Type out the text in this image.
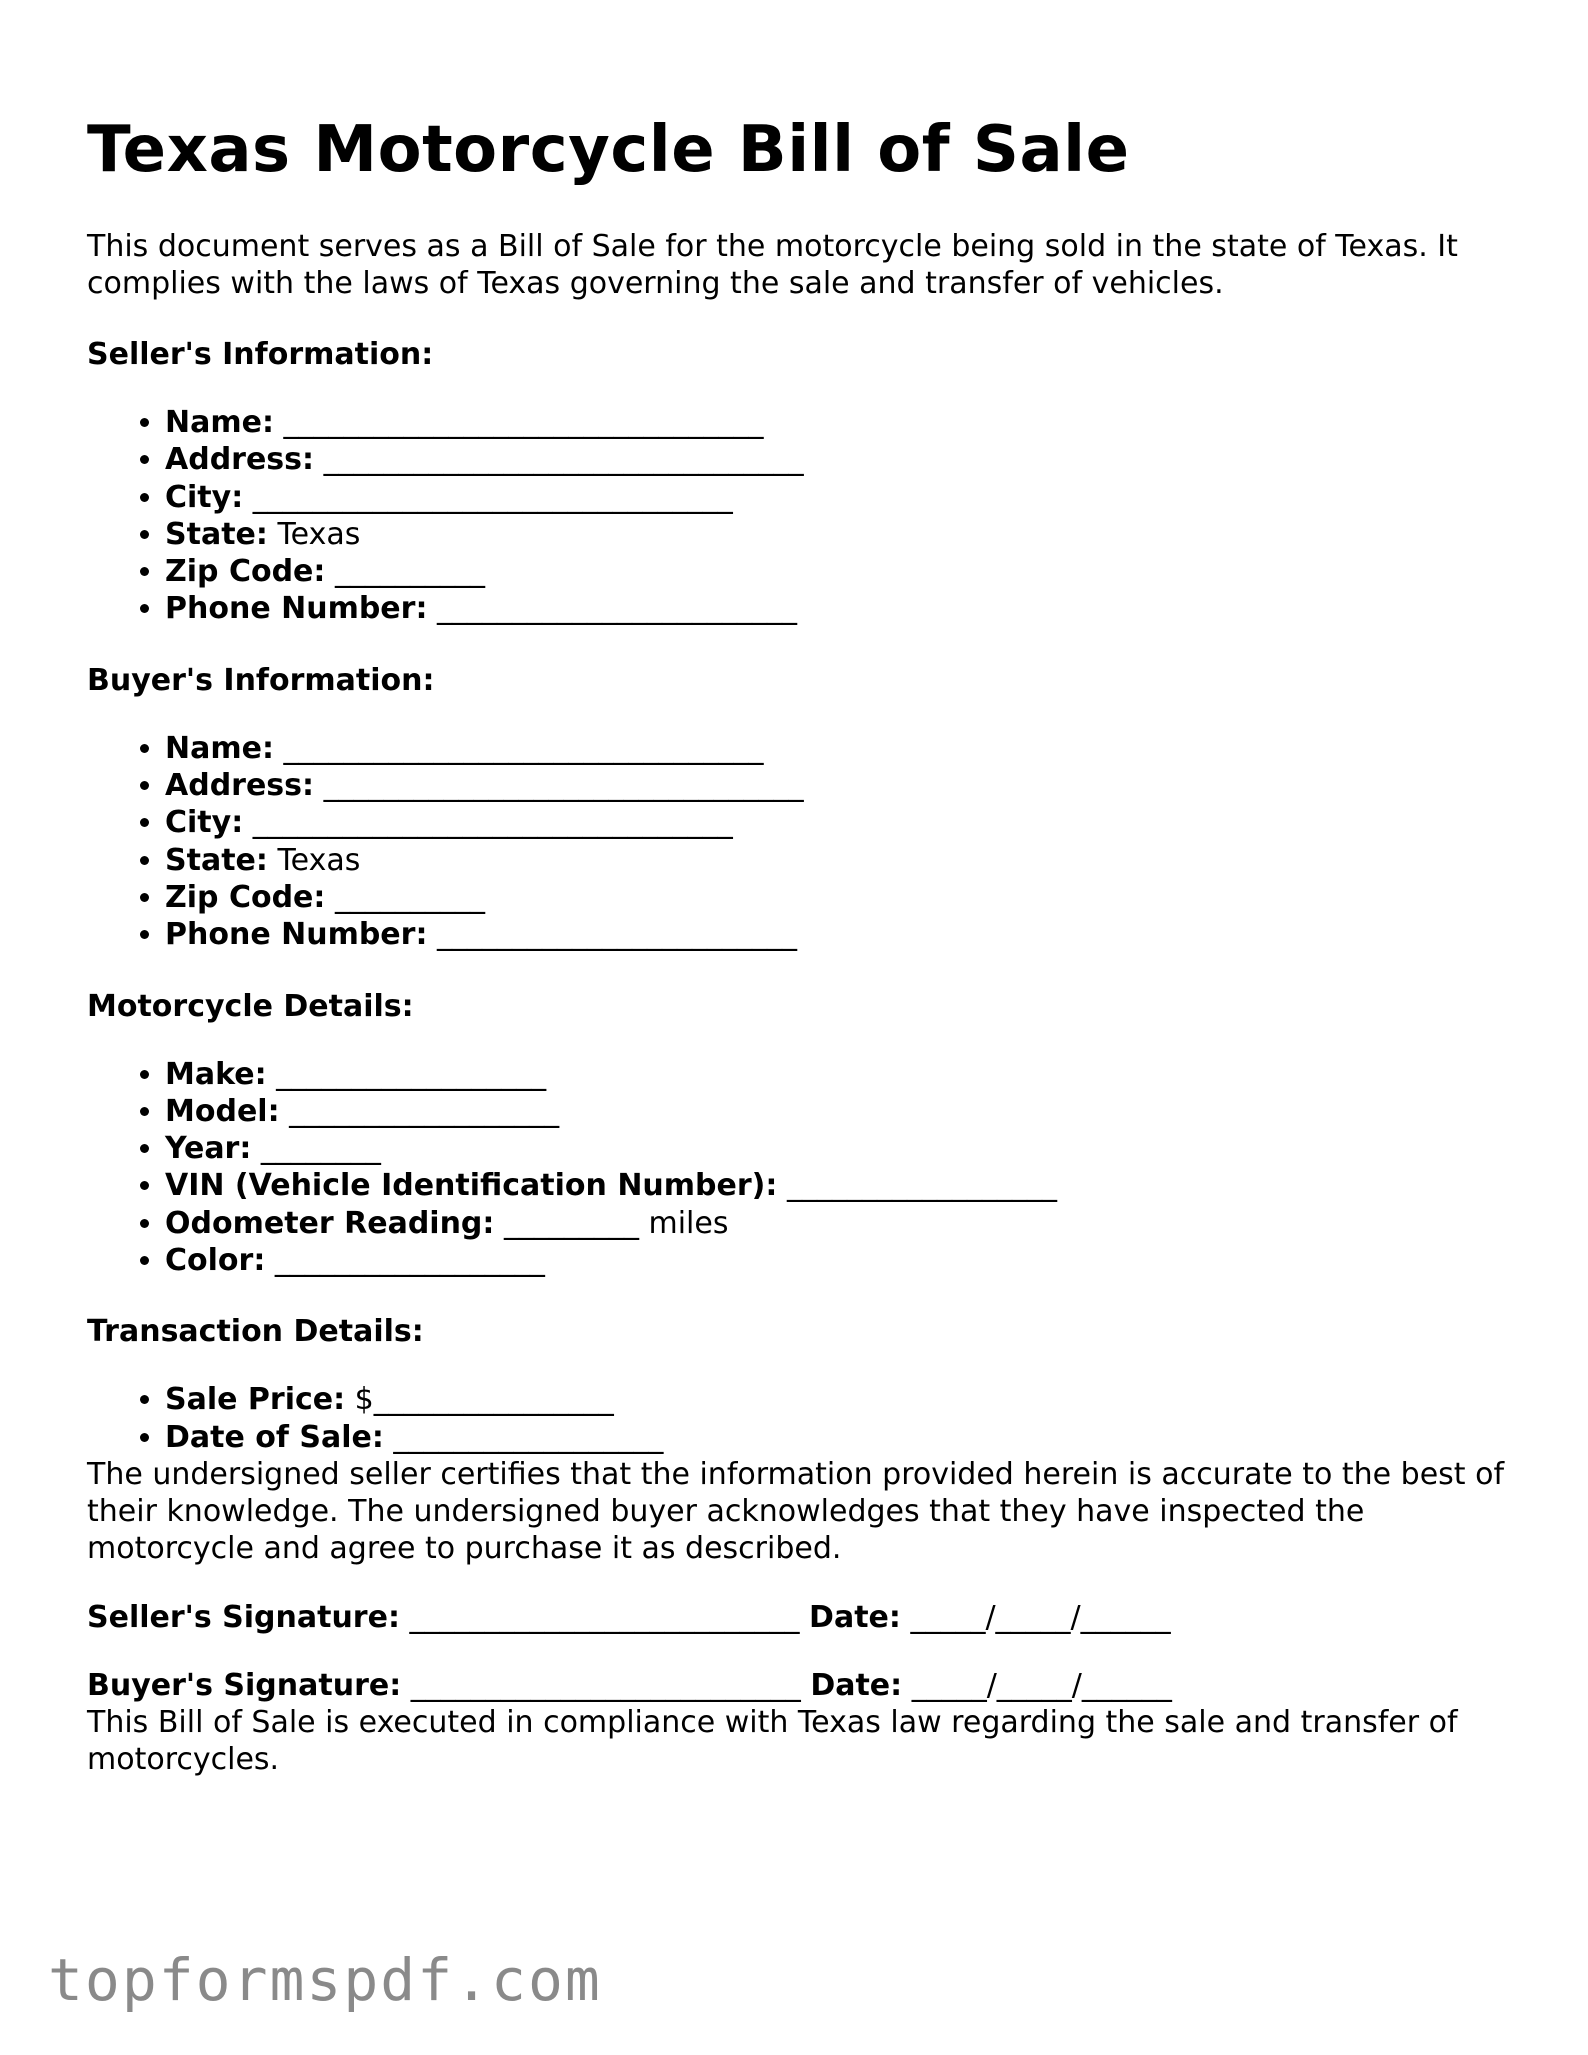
Texas Motorcycle Bill of Sale

This document serves as a Bill of Sale for the motorcycle being sold in the state of Texas. It complies with the laws of Texas governing the sale and transfer of vehicles.

Seller's Information:
• Name: ________________________________
• Address: ________________________________
• City: ________________________________
• State: Texas
• Zip Code: __________
• Phone Number: ________________________
Buyer's Information:
• Name: ________________________________
• Address: ________________________________
• City: ________________________________
• State: Texas
• Zip Code: __________
• Phone Number: ________________________
Motorcycle Details:
• Make: __________________
• Model: __________________
• Year: ________
• VIN (Vehicle Identification Number): __________________
• Odometer Reading: _________ miles
• Color: __________________
Transaction Details:
• Sale Price: $________________
• Date of Sale: __________________

The undersigned seller certifies that the information provided herein is accurate to the best of their knowledge. The undersigned buyer acknowledges that they have inspected the motorcycle and agree to purchase it as described.

Seller's Signature: __________________________ Date: _____/_____/______
Buyer's Signature: __________________________ Date: _____/_____/______

This Bill of Sale is executed in compliance with Texas law regarding the sale and transfer of motorcycles.

topformspdf.com
